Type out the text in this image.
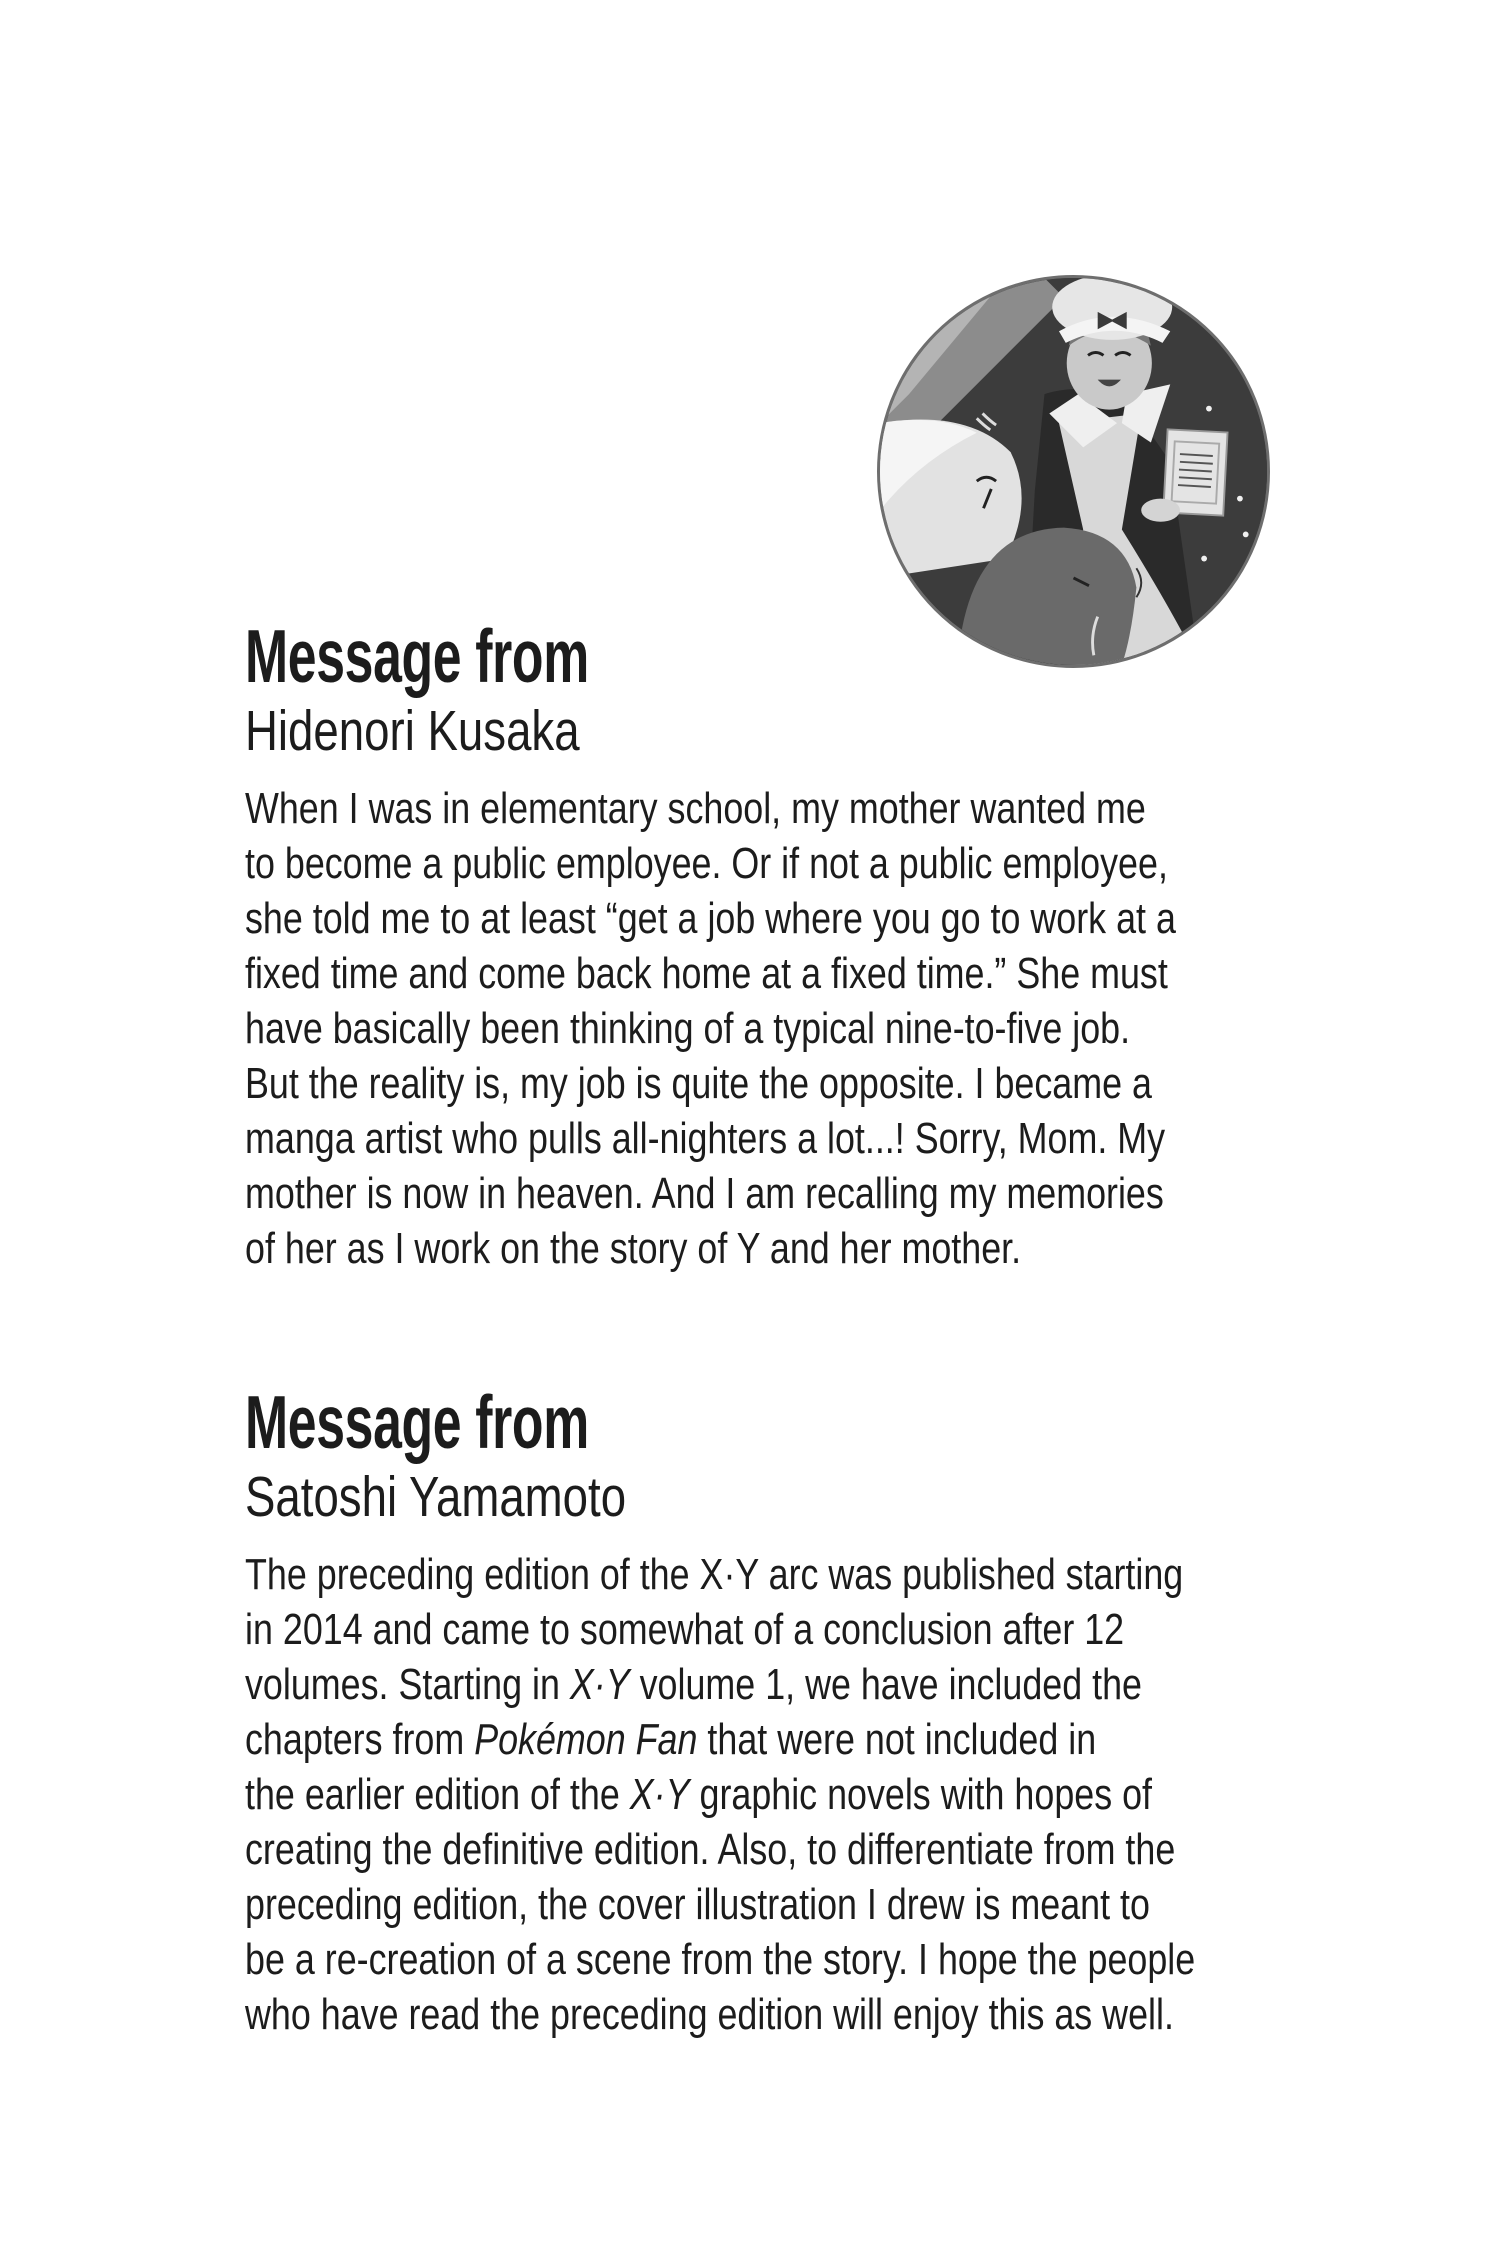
Message from
Hidenori Kusaka
When I was in elementary school, my mother wanted me
to become a public employee. Or if not a public employee,
she told me to at least “get a job where you go to work at a
fixed time and come back home at a fixed time.” She must
have basically been thinking of a typical nine-to-five job.
But the reality is, my job is quite the opposite. I became a
manga artist who pulls all-nighters a lot...! Sorry, Mom. My
mother is now in heaven. And I am recalling my memories
of her as I work on the story of Y and her mother.
Message from
Satoshi Yamamoto
The preceding edition of the X·Y arc was published starting
in 2014 and came to somewhat of a conclusion after 12
volumes. Starting in X·Y volume 1, we have included the
chapters from Pokémon Fan that were not included in
the earlier edition of the X·Y graphic novels with hopes of
creating the definitive edition. Also, to differentiate from the
preceding edition, the cover illustration I drew is meant to
be a re-creation of a scene from the story. I hope the people
who have read the preceding edition will enjoy this as well.
